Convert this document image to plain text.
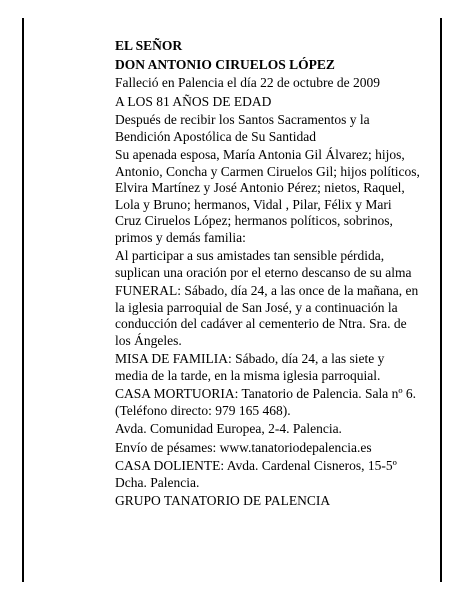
EL SEÑOR

DON ANTONIO CIRUELOS LÓPEZ

Falleció en Palencia el día 22 de octubre de 2009

A LOS 81 AÑOS DE EDAD

Después de recibir los Santos Sacramentos y la Bendición Apostólica de Su Santidad

Su apenada esposa, María Antonia Gil Álvarez; hijos, Antonio, Concha y Carmen Ciruelos Gil; hijos políticos, Elvira Martínez y José Antonio Pérez; nietos, Raquel, Lola y Bruno; hermanos, Vidal , Pilar, Félix y Mari Cruz Ciruelos López; hermanos políticos, sobrinos, primos y demás familia:

Al participar a sus amistades tan sensible pérdida, suplican una oración por el eterno descanso de su alma

FUNERAL: Sábado, día 24, a las once de la mañana, en la iglesia parroquial de San José, y a continuación la conducción del cadáver al cementerio de Ntra. Sra. de los Ángeles.

MISA DE FAMILIA: Sábado, día 24, a las siete y media de la tarde, en la misma iglesia parroquial.

CASA MORTUORIA: Tanatorio de Palencia. Sala nº 6. (Teléfono directo: 979 165 468).

Avda. Comunidad Europea, 2-4. Palencia.

Envío de pésames: www.tanatoriodepalencia.es

CASA DOLIENTE: Avda. Cardenal Cisneros, 15-5º Dcha. Palencia.

GRUPO TANATORIO DE PALENCIA
